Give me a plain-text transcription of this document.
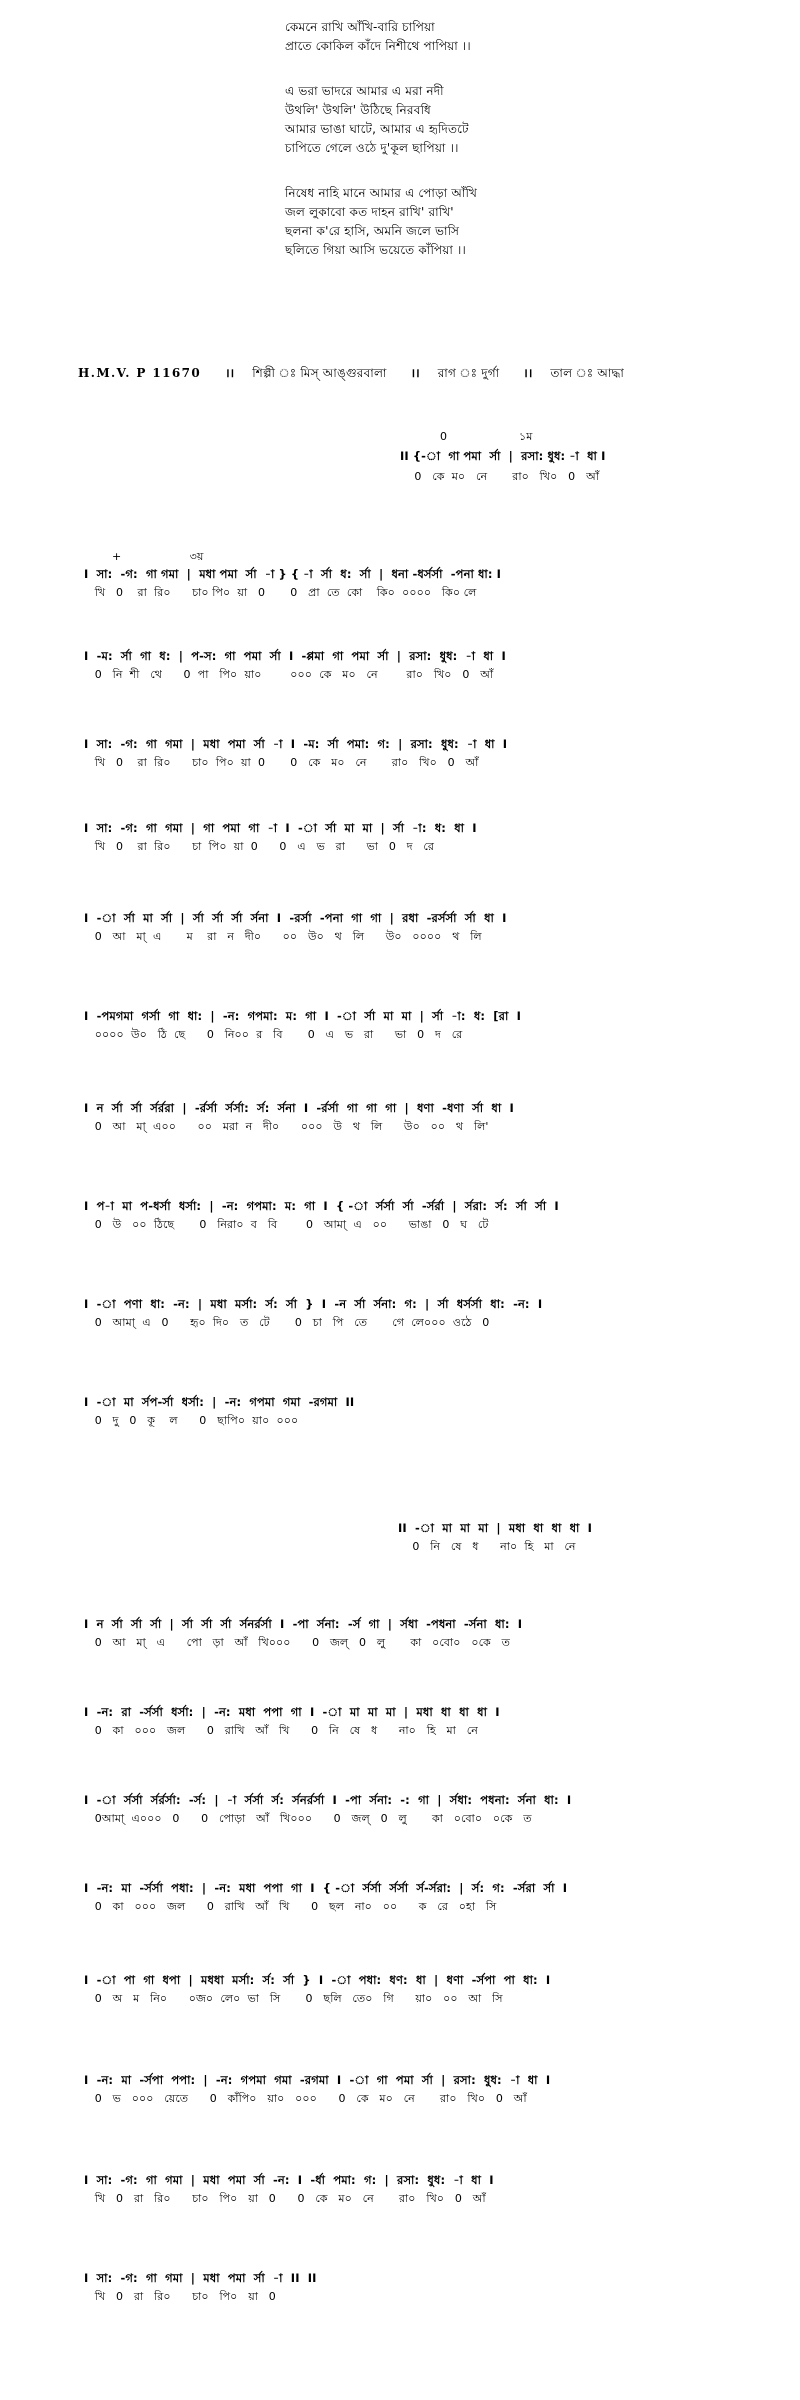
কেমনে রাখি আঁখি-বারি চাপিয়া
প্রাতে কোকিল কাঁদে নিশীথে পাপিয়া ।।
এ ভরা ভাদরে আমার এ মরা নদী
উথলি' উথলি' উঠিছে নিরবধি
আমার ভাঙা ঘাটে, আমার এ হৃদিতটে
চাপিতে গেলে ওঠে দু'কূল ছাপিয়া ।।
নিষেধ নাহি মানে আমার এ পোড়া আঁখি
জল লুকাবো কত দাহন রাখি' রাখি'
ছলনা ক'রে হাসি, অমনি জলে ভাসি
ছলিতে গিয়া আসি ভয়েতে কাঁপিয়া ।।
H.M.V. P 11670 ।। শিল্পী ঃ মিস্ আঙ্গুরবালা ।। রাগ ঃ দুর্গা ।। তাল ঃ আদ্ধা
0                    ১ম
II {-া  গা পমা  র্সা  |  রসা: ধুধ: -া  ধা I
0   কে  ম০   নে       রা০   খি০   0   আঁ
+                   ৩য়
I  সা:  -গ:  গা গমা  |  মধা পমা  র্সা  -া } { -া  র্সা  ধ:  র্সা  |  ধনা -ধর্সর্সা  -পনা ধা: I
খি   0    রা  রি০      চা০ পি০  য়া   0       0   প্রা  তে  কো    কি০  ০০০০   কি০ লে
I  -ম:  র্সা  গা  ধ:  |  প-স:  গা  পমা  র্সা  I  -প্পমা  গা  পমা  র্সা  |  রসা:  ধুধ:  -া  ধা  I
0   নি  শী   থে      0  পা   পি০  য়া০        ০০০  কে   ম০   নে        রা০   খি০   0   আঁ
I  সা:  -গ:  গা  গমা  |  মধা  পমা  র্সা  -া  I  -ম:  র্সা  পমা:  গ:  |  রসা:  ধুধ:  -া  ধা  I
খি   0    রা  রি০      চা০  পি০  য়া  0       0   কে   ম০   নে       রা০   খি০   0   আঁ
I  সা:  -গ:  গা  গমা  |  গা  পমা  গা  -া  I  -া  র্সা  মা  মা  |  র্সা  -া:  ধ:  ধা  I
খি   0    রা  রি০      চা  পি০  য়া  0      0   এ   ভ   রা      ভা   0   দ   রে
I  -া  র্সা  মা  র্সা  |  র্সা  র্সা  র্সা  র্সনা  I  -রর্সা  -পনা  গা  গা  |  রধা  -রর্সর্সা  র্সা  ধা  I
0   আ   মা্  এ       ম    রা   ন   দী০      ০০   উ০   থ   লি      উ০   ০০০০   থ   লি
I  -পমগমা  গর্সা  গা  ধা:  |  -ন:  গপমা:  ম:  গা  I  -া  র্সা  মা  মা  |  র্সা  -া:  ধ:  [রা  I
০০০০  উ০   ঠি  ছে      0   নি০০  র   বি       0   এ   ভ   রা      ভা   0   দ   রে
I  ন  র্সা  র্সা  র্সর্ররা  |  -র্রর্সা  র্সর্সা:  র্স:  র্সনা  I  -র্রর্সা  গা  গা  গা  |  ধণা  -ধণা  র্সা  ধা  I
0   আ   মা্  এ০০      ০০   মরা  ন   দী০      ০০০   উ   থ   লি      উ০   ০০   থ   লি'
I  প-া  মা  প-ধর্সা  ধর্সা:  |  -ন:  গপমা:  ম:  গা  I  { -া  র্সর্সা  র্সা  -র্সর্রা  |  র্সরা:  র্স:  র্সা  র্সা  I
0   উ   ০০  ঠিছে       0   নিরা০  ব   বি        0   আমা্  এ   ০০      ভাঙা   0   ঘ   টে
I  -া  পণা  ধা:  -ন:  |  মধা  মর্সা:  র্স:  র্সা  }  I  -ন  র্সা  র্সনা:  গ:  |  র্সা  ধর্সর্সা  ধা:  -ন:  I
0   আমা্  এ   0      হৃ০  দি০   ত   টে       0   চা   পি   তে       গে  লে০০০  ওঠে   0
I  -া  মা  র্সপ-র্সা  ধর্সা:  |  -ন:  গপমা  গমা  -রগমা  II
0   দু   0   কূ    ল      0   ছাপি০  য়া০  ০০০
II  -া  মা  মা  মা  |  মধা  ধা  ধা  ধা  I
0   নি   ষে   ধ      না০  হি   মা   নে
I  ন  র্সা  র্সা  র্সা  |  র্সা  র্সা  র্সা  র্সনর্রর্সা  I  -পা  র্সনা:  -র্স  গা  |  র্সধা  -পধনা  -র্সনা  ধা:  I
0   আ   মা্   এ      পো   ড়া   আঁ   খি০০০      0   জল্   0   লু       কা   ০বো০   ০কে   ত
I  -ন:  রা  -র্সর্সা  ধর্সা:  |  -ন:  মধা  পপা  গা  I  -া  মা  মা  মা  |  মধা  ধা  ধা  ধা  I
0   কা   ০০০   জল      0   রাখি   আঁ   খি      0   নি   ষে   ধ      না০   হি   মা   নে
I  -া  র্সর্সা  র্সর্রর্সা:  -র্স:  |  -া  র্সর্সা  র্স:  র্সনর্রর্সা  I  -পা  র্সনা:  -:  গা  |  র্সধা:  পধনা:  র্সনা  ধা:  I
0আমা্  এ০০০   0      0   পোড়া   আঁ   খি০০০      0   জল্   0   লু       কা   ০বো০   ০কে   ত
I  -ন:  মা  -র্সর্সা  পধা:  |  -ন:  মধা  পপা  গা  I  { -া  র্সর্সা  র্সর্সা  র্স-র্সরা:  |  র্স:  গ:  -র্সরা  র্সা  I
0   কা   ০০০   জল      0   রাখি   আঁ   খি      0   ছল   না০   ০০      ক   রে   ০হা   সি
I  -া  পা  গা  ধপা  |  মধধা  মর্সা:  র্স:  র্সা  }  I  -া  পধা:  ধণ:  ধা  |  ধণা  -র্সপা  পা  ধা:  I
0   অ   ম   নি০      ০জ০  লে০  ভা   সি       0   ছলি   তে০   গি      য়া০   ০০   আ   সি
I  -ন:  মা  -র্সপা  পপা:  |  -ন:  গপমা  গমা  -রগমা  I  -া  গা  পমা  র্সা  |  রসা:  ধুধ:  -া  ধা  I
0   ভ   ০০০   য়েতে      0   কাঁপি০   য়া০   ০০০      0   কে   ম০   নে       রা০   খি০   0   আঁ
I  সা:  -গ:  গা  গমা  |  মধা  পমা  র্সা  -ন:  I  -র্ধা  পমা:  গ:  |  রসা:  ধুধ:  -া  ধা  I
খি   0   রা   রি০      চা০   পি০   য়া   0      0   কে   ম০   নে       রা০   খি০   0   আঁ
I  সা:  -গ:  গা  গমা  |  মধা  পমা  র্সা  -া  II  II
খি   0   রা   রি০      চা০   পি০   য়া   0
